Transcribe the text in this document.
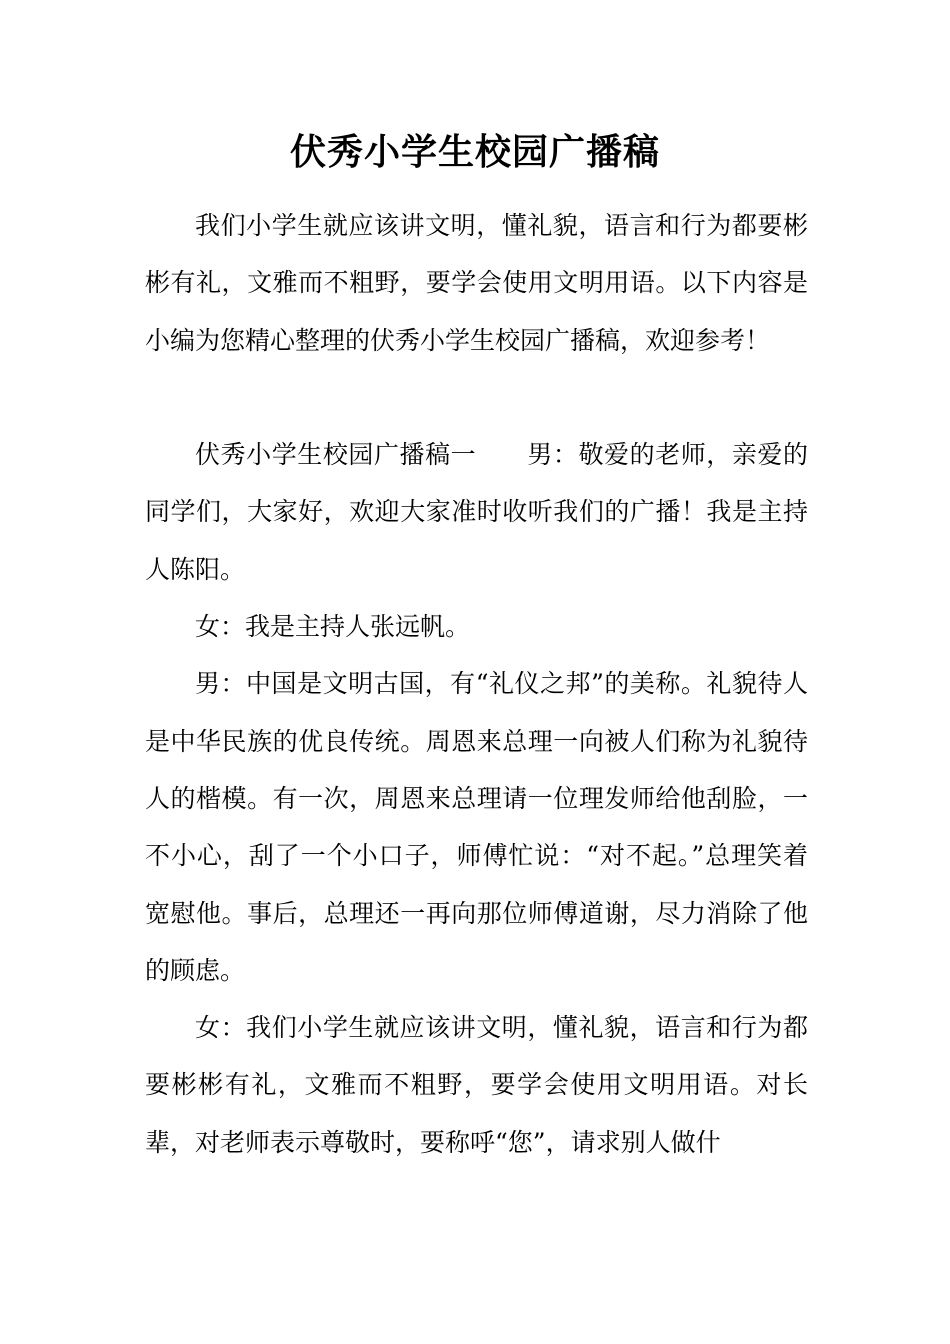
伏秀小学生校园广播稿

我们小学生就应该讲文明，懂礼貌，语言和行为都要彬彬有礼，文雅而不粗野，要学会使用文明用语。以下内容是小编为您精心整理的伏秀小学生校园广播稿，欢迎参考！

伏秀小学生校园广播稿一　　男：敬爱的老师，亲爱的同学们，大家好，欢迎大家准时收听我们的广播！我是主持人陈阳。

女：我是主持人张远帆。

男：中国是文明古国，有“礼仪之邦”的美称。礼貌待人是中华民族的优良传统。周恩来总理一向被人们称为礼貌待人的楷模。有一次，周恩来总理请一位理发师给他刮脸，一不小心，刮了一个小口子，师傅忙说：“对不起。”总理笑着宽慰他。事后，总理还一再向那位师傅道谢，尽力消除了他的顾虑。

女：我们小学生就应该讲文明，懂礼貌，语言和行为都要彬彬有礼，文雅而不粗野，要学会使用文明用语。对长辈，对老师表示尊敬时，要称呼“您”，请求别人做什
